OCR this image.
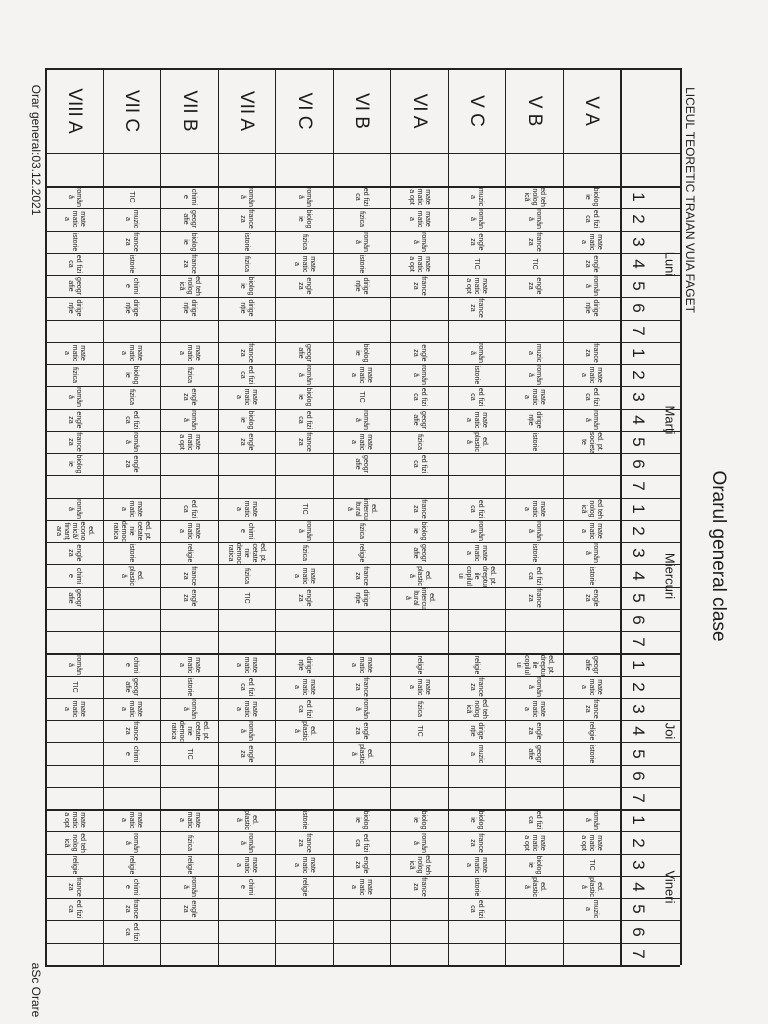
Orarul general clase
LICEUL TEORETIC TRAIAN VUIA FAGET
Orar general:03.12.2021
aSc Orare
V A
V B
V C
VI A
VI B
VI C
VII A
VII B
VII C
VIII A
Luni
1
2
3
4
5
6
7
Marţi
1
2
3
4
5
6
7
Miercuri
1
2
3
4
5
6
7
Joi
1
2
3
4
5
6
7
Vineri
1
2
3
4
5
6
7
biolog ie
ed fizi ca
mate matic a
engle za
român ă
dirige nție
france za
mate matic a
ed fizi ca
român ă
ed. pt. societa te
ed teh nolog ică
mate matic a
român ă
istorie
engle za
geogr afie
mate matic a
france za
religie
istorie
român ă
mate matic a opt
TIC
ed. plastic ă
muzic a
ed teh nolog ică
român ă
france za
TIC
engle za
muzic a
român ă
mate matic a
dirige nție
istorie
mate matic a
român ă
istorie
ed fizi ca
france za
ed. pt. dreptur ile copilul ui
român ă
mate matic a
engle za
geogr afie
ed fizi ca
mate matic a opt
biolog ie
ed. plastic ă
muzic a
român ă
engle za
TIC
mate matic a opt
france za
român ă
istorie
ed fizi ca
mate matic a
ed. plastic ă
ed fizi ca
român ă
mate matic a
ed. pt. dreptur ile copilul ui
religie
france za
ed teh nolog ică
dirige nție
muzic a
biolog ie
france za
mate matic a
istorie
ed fizi ca
mate matic a opt
mate matic a
român ă
mate matic a opt
france za
engle za
român ă
ed fizi ca
geogr afie
fizica
ed fizi ca
france za
biolog ie
geogr afie
ed. plastic ă
ed. intercu ltural ă
religie
mate matic a
fizica
TIC
biolog ie
român ă
ed teh nolog ică
france za
ed fizi ca
fizica
român ă
istorie
dirige nție
biolog ie
mate matic a
TIC
român ă
mate matic a
geogr afie
ed. intercu ltural ă
fizica
religie
france za
dirige nție
mate matic a
france za
român ă
engle za
ed. plastic ă
biolog ie
ed fizi ca
engle za
mate matic a
român ă
biolog ie
fizica
mate matic a
engle za
geogr afie
român ă
biolog ie
ed fizi ca
france za
TIC
român ă
fizica
mate matic a
engle za
dirige nție
mate matic a
ed fizi ca
ed. plastic ă
istorie
france za
mate matic a
religie
român ă
france za
istorie
fizica
biolog ie
dirige nție
france za
ed fizi ca
mate matic a
biolog ie
engle za
mate matic a
chimi e
ed. pt. cetate nie democ ratica
fizica
TIC
mate matic a
ed fizi ca
mate matic a
român ă
engle za
ed. plastic ă
român ă
mate matic a
chimi e
chimi e
geogr afie
biolog ie
france za
ed teh nolog ică
dirige nție
mate matic a
fizica
engle za
român ă
mate matic a opt
ed fizi ca
mate matic a
religie
france za
engle za
mate matic a
istorie
român ă
ed. pt. cetate nie democ ratica
TIC
mate matic a
fizica
religie
român ă
engle za
TIC
muzic a
france za
istorie
chimi e
dirige nție
mate matic a
biolog ie
fizica
ed fizi ca
român ă
engle za
mate matic a
ed. pt. cetate nie democ ratica
istorie
ed. plastic ă
chimi e
geogr afie
mate matic a
france za
chimi e
mate matic a
român ă
religie
chimi e
france za
ed fizi ca
român ă
mate matic a
istorie
ed fizi ca
geogr afie
dirige nție
mate matic a
fizica
român ă
engle za
france za
biolog ie
român ă
ed. econo mică/ finanţ ara
engle za
chimi e
geogr afie
român ă
TIC
mate matic a
mate matic a opt
ed teh nolog ică
religie
france za
ed fizi ca
